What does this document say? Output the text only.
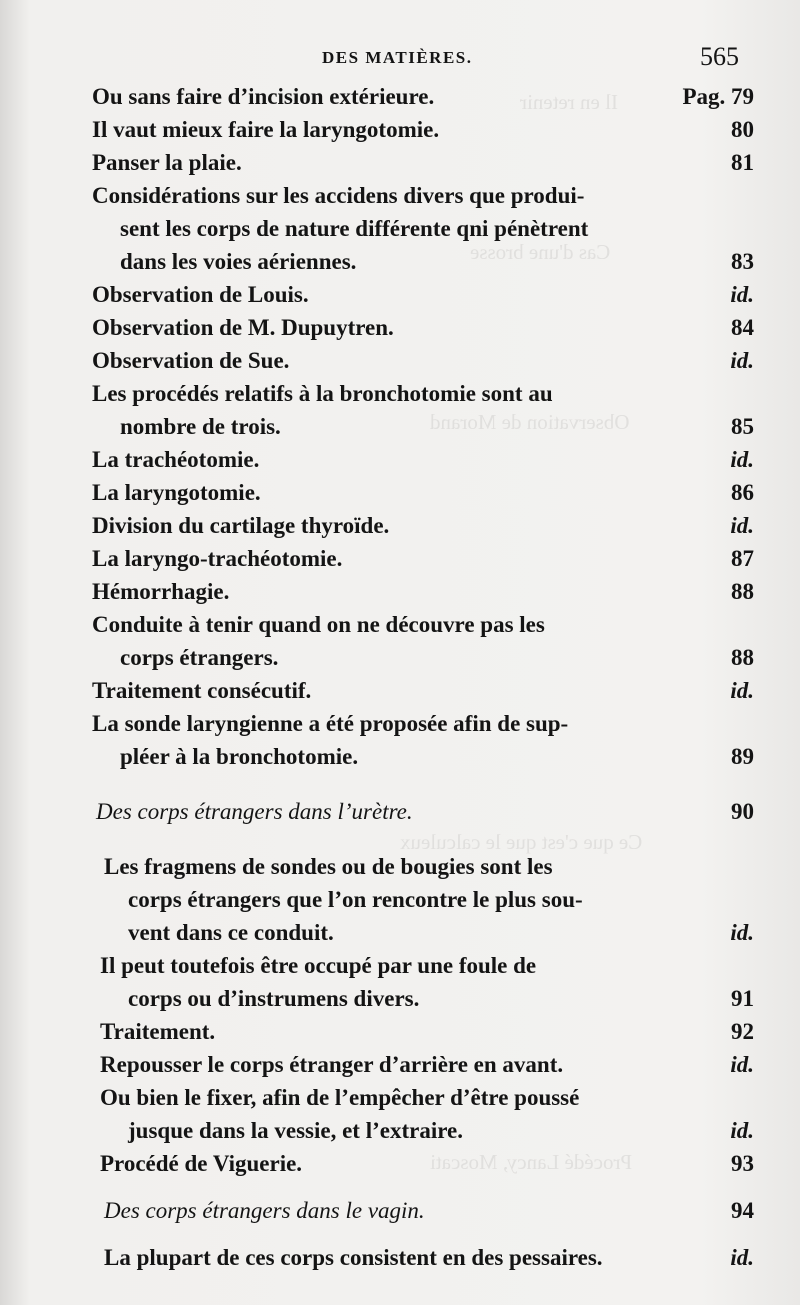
Il en retenir
Cas d'une brosse
Observation de Morand
Ce que c'est que le calculeux
Procédé Lancy, Moscati
DES MATIÈRES.	565
Ou sans faire d’incision extérieure.	Pag. 79
Il vaut mieux faire la laryngotomie.	80
Panser la plaie.	81
Considérations sur les accidens divers que produi-
sent les corps de nature différente qni pénètrent
dans les voies aériennes.	83
Observation de Louis.	id.
Observation de M. Dupuytren.	84
Observation de Sue.	id.
Les procédés relatifs à la bronchotomie sont au
nombre de trois.	85
La trachéotomie.	id.
La laryngotomie.	86
Division du cartilage thyroïde.	id.
La laryngo-trachéotomie.	87
Hémorrhagie.	88
Conduite à tenir quand on ne découvre pas les
corps étrangers.	88
Traitement consécutif.	id.
La sonde laryngienne a été proposée afin de sup-
pléer à la bronchotomie.	89
Des corps étrangers dans l’urètre.	90
Les fragmens de sondes ou de bougies sont les
corps étrangers que l’on rencontre le plus sou-
vent dans ce conduit.	id.
Il peut toutefois être occupé par une foule de
corps ou d’instrumens divers.	91
Traitement.	92
Repousser le corps étranger d’arrière en avant.	id.
Ou bien le fixer, afin de l’empêcher d’être poussé
jusque dans la vessie, et l’extraire.	id.
Procédé de Viguerie.	93
Des corps étrangers dans le vagin.	94
La plupart de ces corps consistent en des pessaires.	id.
